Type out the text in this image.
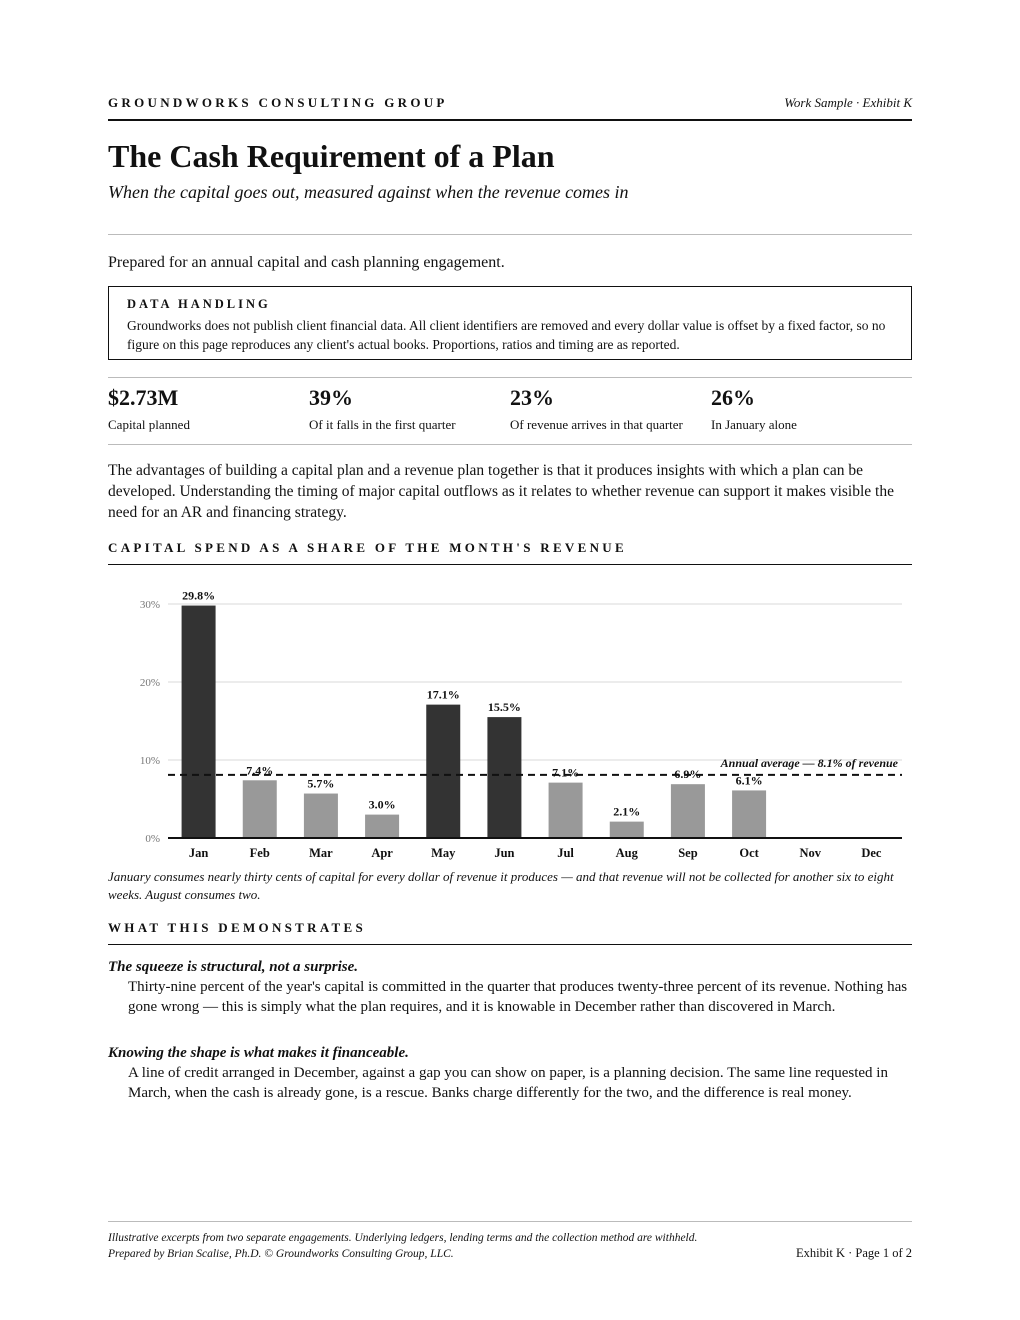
GROUNDWORKS CONSULTING GROUP	Work Sample · Exhibit K
The Cash Requirement of a Plan
When the capital goes out, measured against when the revenue comes in
Prepared for an annual capital and cash planning engagement.
DATA HANDLING
Groundworks does not publish client financial data. All client identifiers are removed and every dollar value is offset by a fixed factor, so no figure on this page reproduces any client's actual books. Proportions, ratios and timing are as reported.
$2.73M
Capital planned
39%
Of it falls in the first quarter
23%
Of revenue arrives in that quarter
26%
In January alone
The advantages of building a capital plan and a revenue plan together is that it produces insights with which a plan can be developed. Understanding the timing of major capital outflows as it relates to whether revenue can support it makes visible the need for an AR and financing strategy.
CAPITAL SPEND AS A SHARE OF THE MONTH'S REVENUE
0%
10%
20%
30%
Jan	Feb	Mar	Apr	May	Jun	Jul	Aug	Sep	Oct	Nov	Dec
29.8%
7.4%
5.7%
3.0%
17.1%
15.5%
7.1%
2.1%
6.9%	6.1%
Annual average — 8.1% of revenue
January consumes nearly thirty cents of capital for every dollar of revenue it produces — and that revenue will not be collected for another six to eight weeks. August consumes two.
WHAT THIS DEMONSTRATES
The squeeze is structural, not a surprise.
Thirty-nine percent of the year's capital is committed in the quarter that produces twenty-three percent of its revenue. Nothing has gone wrong — this is simply what the plan requires, and it is knowable in December rather than discovered in March.
Knowing the shape is what makes it financeable.
A line of credit arranged in December, against a gap you can show on paper, is a planning decision. The same line requested in March, when the cash is already gone, is a rescue. Banks charge differently for the two, and the difference is real money.
Illustrative excerpts from two separate engagements. Underlying ledgers, lending terms and the collection method are withheld. Prepared by Brian Scalise, Ph.D. © Groundworks Consulting Group, LLC.	Exhibit K · Page 1 of 2
